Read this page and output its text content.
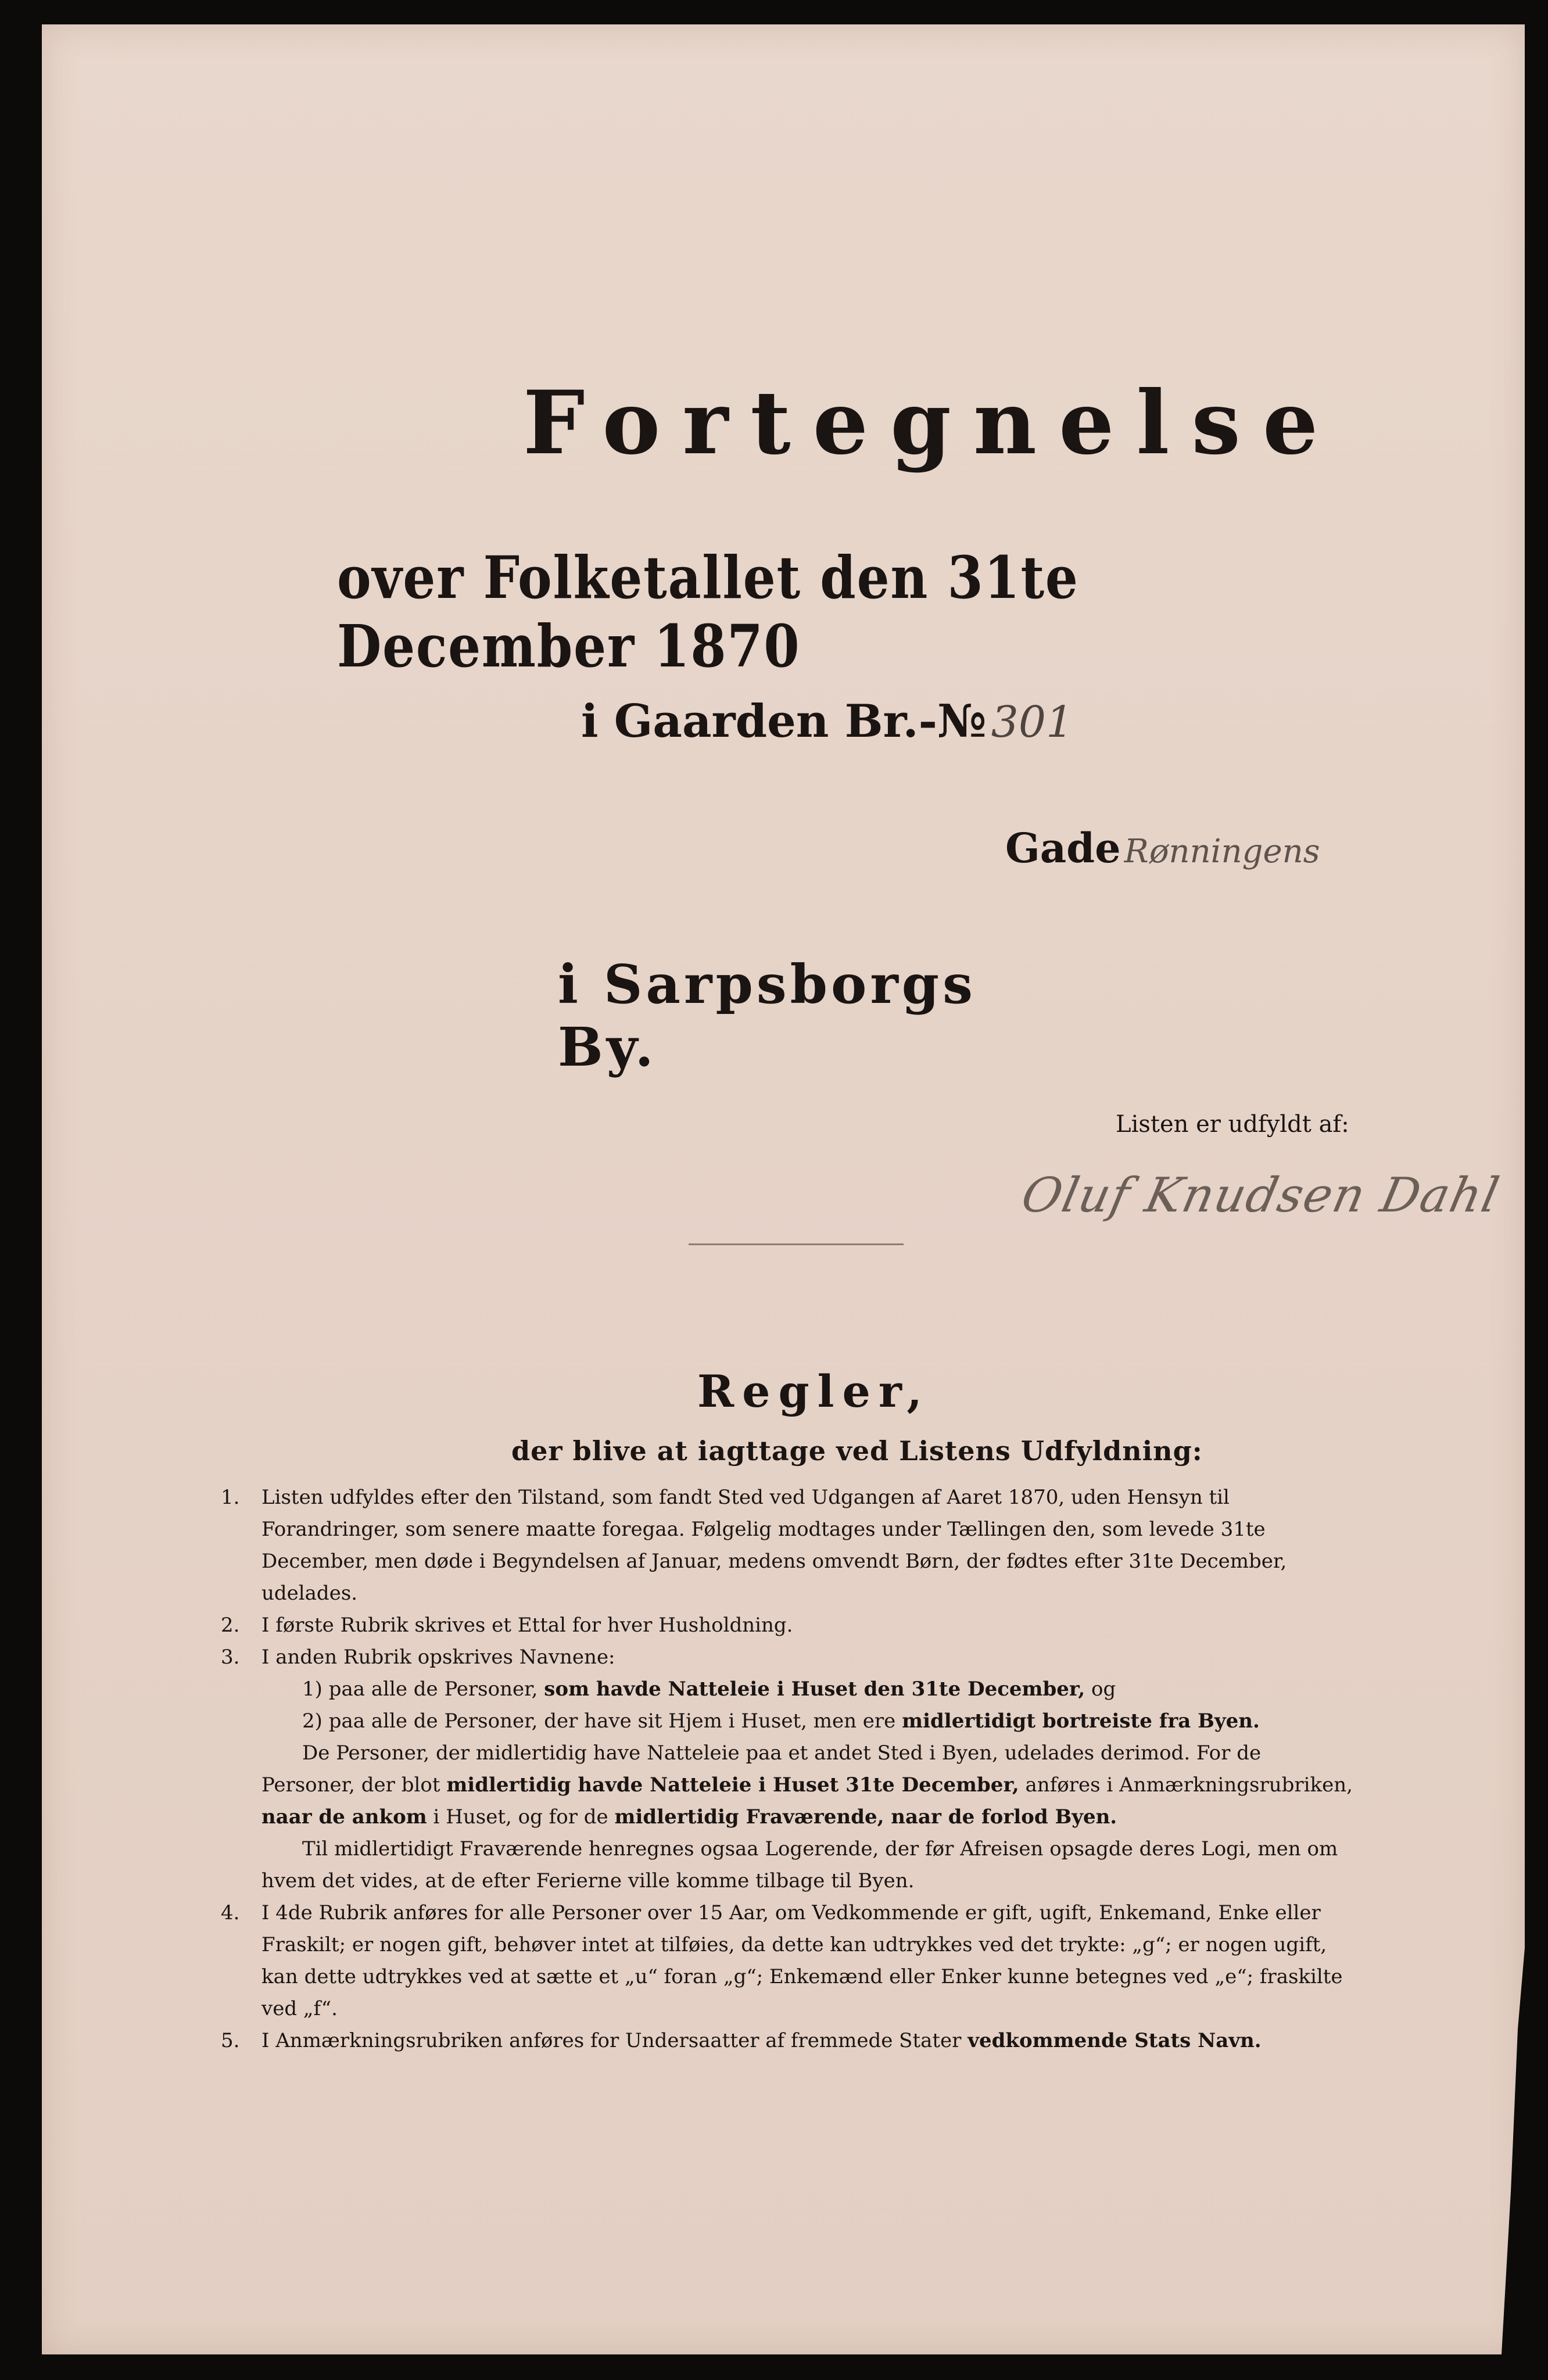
Fortegnelse
over Folketallet den 31te December 1870
i Gaarden Br.-№ 301
Gade Rønningens
i Sarpsborgs By.
Listen er udfyldt af:
Oluf Knudsen Dahl
Regler,
der blive at iagttage ved Listens Udfyldning:
1. Listen udfyldes efter den Tilstand, som fandt Sted ved Udgangen af Aaret 1870, uden Hensyn til Forandringer, som senere maatte foregaa. Følgelig modtages under Tællingen den, som levede 31te December, men døde i Begyndelsen af Januar, medens omvendt Børn, der fødtes efter 31te December, udelades.
2. I første Rubrik skrives et Ettal for hver Husholdning.
3. I anden Rubrik opskrives Navnene:
1) paa alle de Personer, som havde Natteleie i Huset den 31te December, og
2) paa alle de Personer, der have sit Hjem i Huset, men ere midlertidigt bortreiste fra Byen.
De Personer, der midlertidig have Natteleie paa et andet Sted i Byen, udelades derimod. For de Personer, der blot midlertidig havde Natteleie i Huset 31te December, anføres i Anmærkningsrubriken, naar de ankom i Huset, og for de midlertidig Fraværende, naar de forlod Byen.
Til midlertidigt Fraværende henregnes ogsaa Logerende, der før Afreisen opsagde deres Logi, men om hvem det vides, at de efter Ferierne ville komme tilbage til Byen.
4. I 4de Rubrik anføres for alle Personer over 15 Aar, om Vedkommende er gift, ugift, Enkemand, Enke eller Fraskilt; er nogen gift, behøver intet at tilføies, da dette kan udtrykkes ved det trykte: „g“; er nogen ugift, kan dette udtrykkes ved at sætte et „u“ foran „g“; Enkemænd eller Enker kunne betegnes ved „e“; fraskilte ved „f“.
5. I Anmærkningsrubriken anføres for Undersaatter af fremmede Stater vedkommende Stats Navn.
